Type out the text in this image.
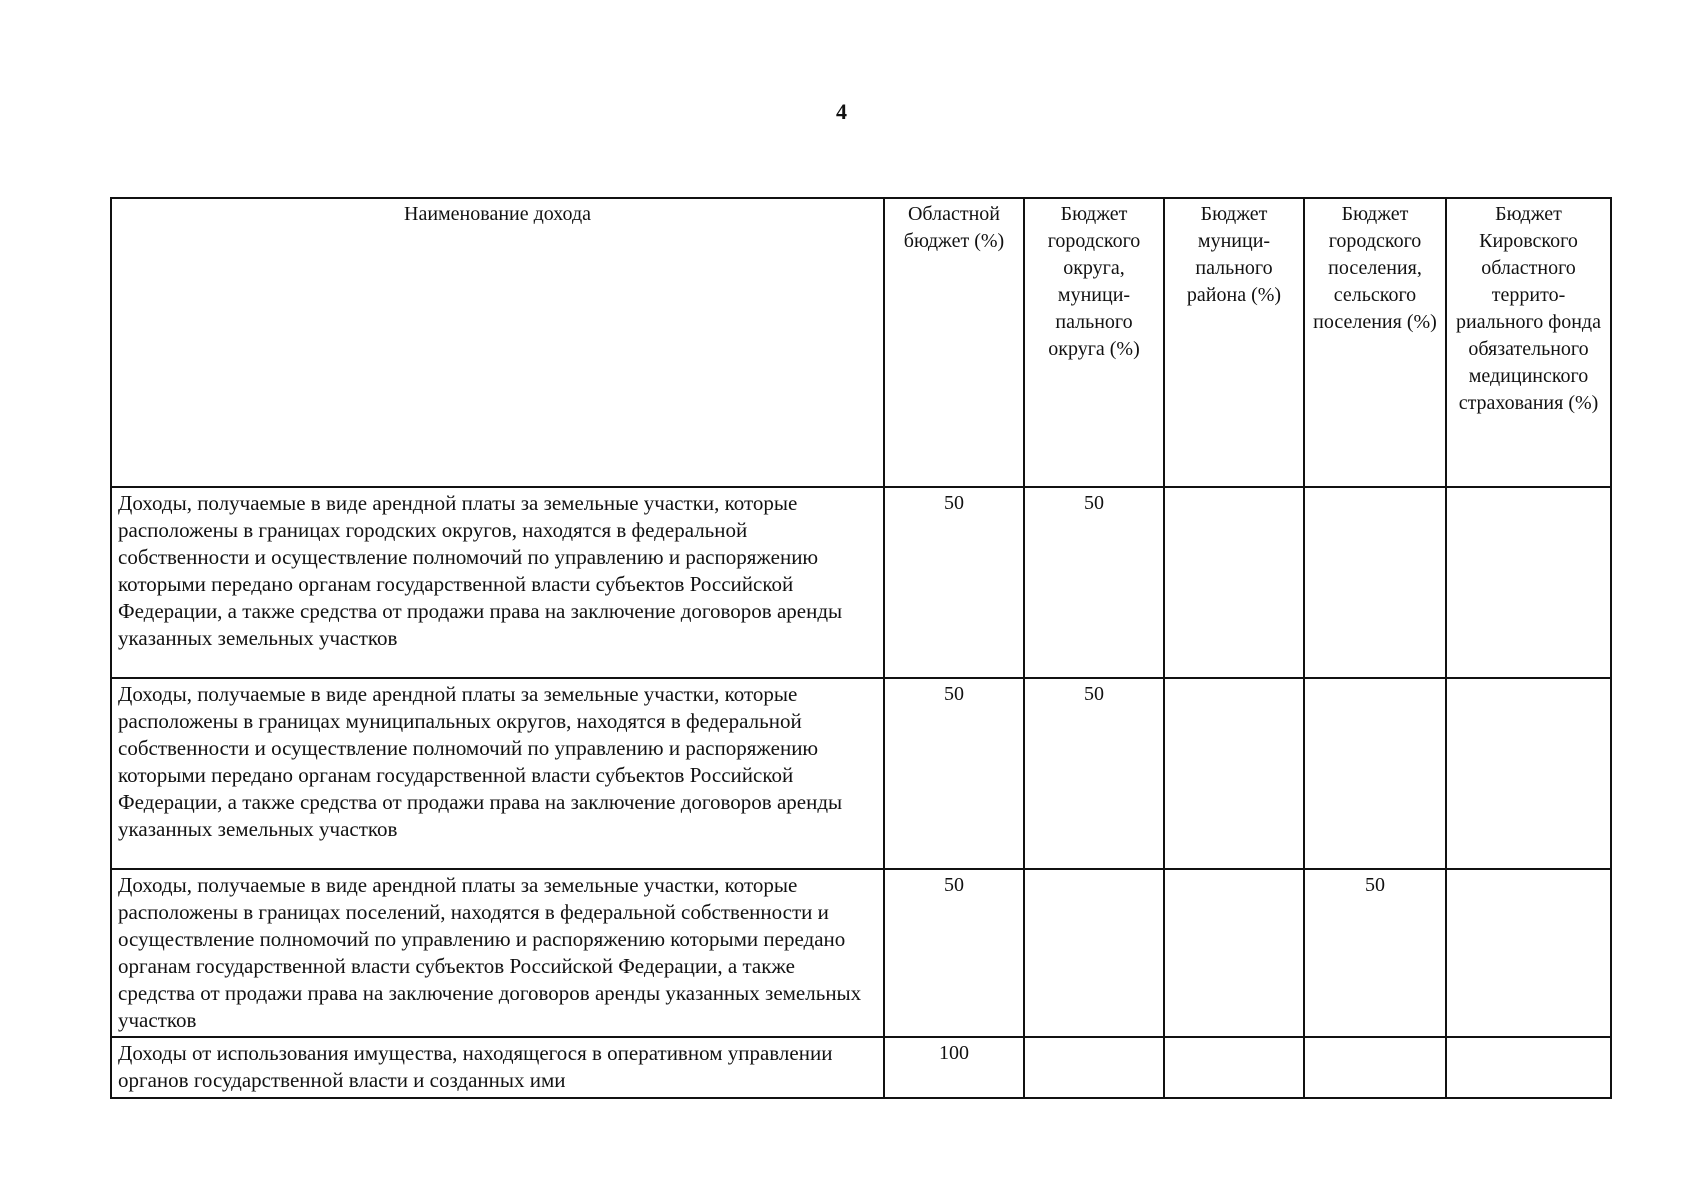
4
Наименование дохода	Областной бюджет (%)	Бюджет городского округа, муници-пального округа (%)	Бюджет муници-пального района (%)	Бюджет городского поселения, сельского поселения (%)	Бюджет Кировского областного террито-риального фонда обязательного медицинского страхования (%)
Доходы, получаемые в виде арендной платы за земельные участки, которые расположены в границах городских округов, находятся в федеральной собственности и осуществление полномочий по управлению и распоряжению которыми передано органам государственной власти субъектов Российской Федерации, а также средства от продажи права на заключение договоров аренды указанных земельных участков	50	50			
Доходы, получаемые в виде арендной платы за земельные участки, которые расположены в границах муниципальных округов, находятся в федеральной собственности и осуществление полномочий по управлению и распоряжению которыми передано органам государственной власти субъектов Российской Федерации, а также средства от продажи права на заключение договоров аренды указанных земельных участков	50	50			
Доходы, получаемые в виде арендной платы за земельные участки, которые расположены в границах поселений, находятся в федеральной собственности и осуществление полномочий по управлению и распоряжению которыми передано органам государственной власти субъектов Российской Федерации, а также средства от продажи права на заключение договоров аренды указанных земельных участков	50			50	
Доходы от использования имущества, находящегося в оперативном управлении органов государственной власти и созданных ими	100				
